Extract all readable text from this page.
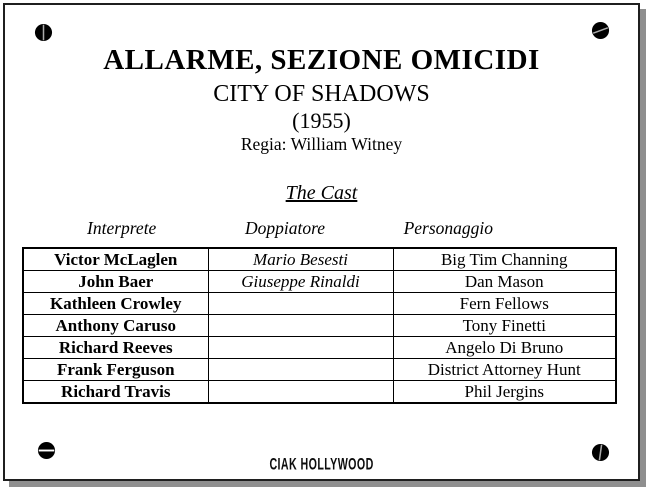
ALLARME, SEZIONE OMICIDI
CITY OF SHADOWS
(1955)
Regia: William Witney
The Cast
Interprete	Doppiatore	Personaggio
Victor McLaglen	Mario Besesti	Big Tim Channing
John Baer	Giuseppe Rinaldi	Dan Mason
Kathleen Crowley		Fern Fellows
Anthony Caruso		Tony Finetti
Richard Reeves		Angelo Di Bruno
Frank Ferguson		District Attorney Hunt
Richard Travis		Phil Jergins
CIAK HOLLYWOOD
